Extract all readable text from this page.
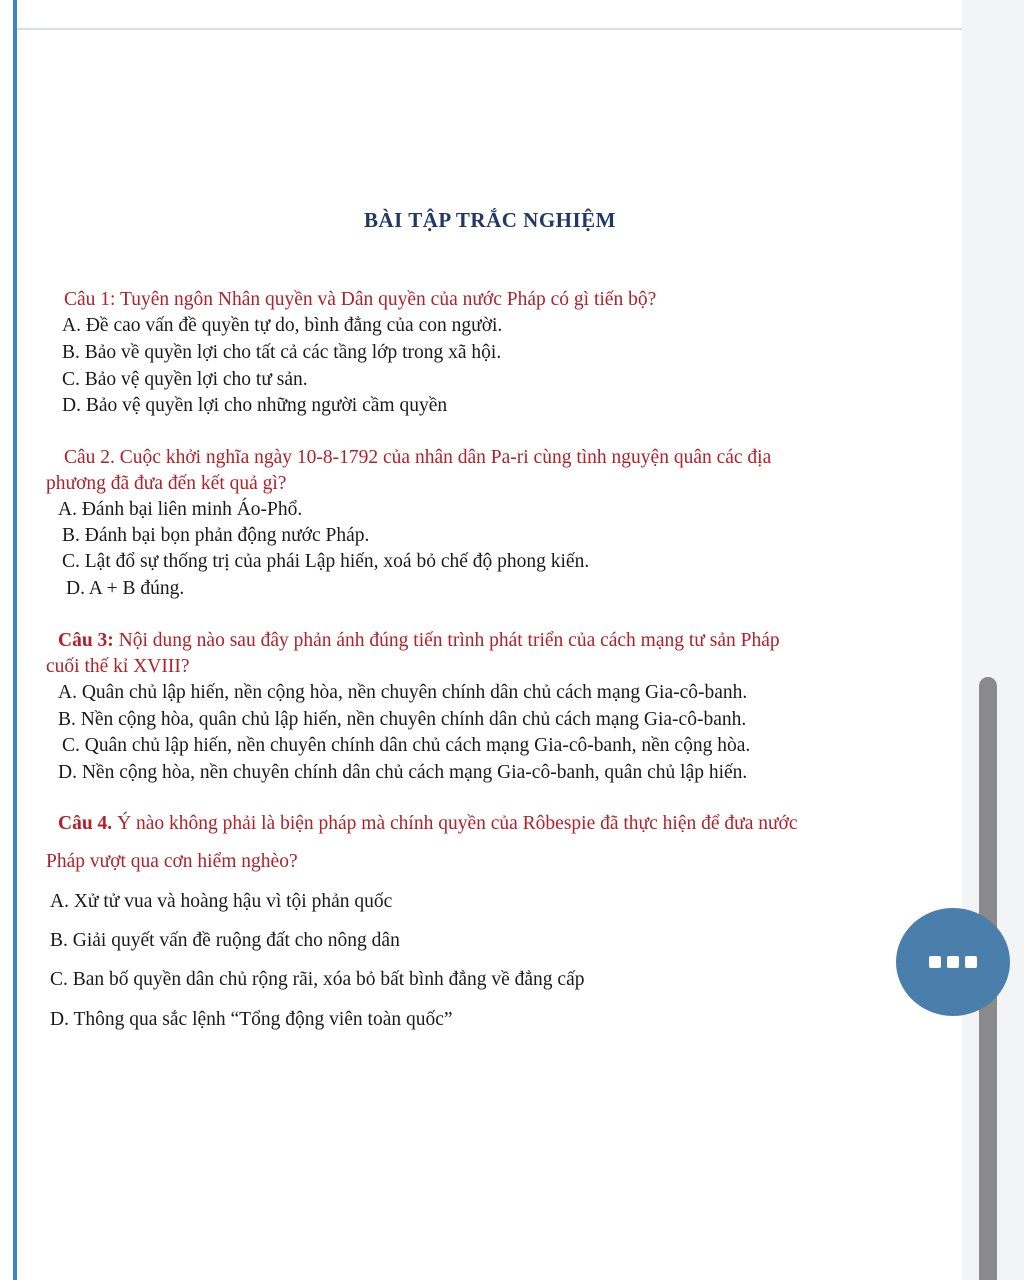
BÀI TẬP TRẮC NGHIỆM
Câu 1: Tuyên ngôn Nhân quyền và Dân quyền của nước Pháp có gì tiến bộ?
A. Đề cao vấn đề quyền tự do, bình đẳng của con người.
B. Bảo về quyền lợi cho tất cả các tầng lớp trong xã hội.
C. Bảo vệ quyền lợi cho tư sản.
D. Bảo vệ quyền lợi cho những người cầm quyền
Câu 2. Cuộc khởi nghĩa ngày 10-8-1792 của nhân dân Pa-ri cùng tình nguyện quân các địa
phương đã đưa đến kết quả gì?
A. Đánh bại liên minh Áo-Phổ.
B. Đánh bại bọn phản động nước Pháp.
C. Lật đổ sự thống trị của phái Lập hiến, xoá bỏ chế độ phong kiến.
D. A + B đúng.
Câu 3: Nội dung nào sau đây phản ánh đúng tiến trình phát triển của cách mạng tư sản Pháp
cuối thế kỉ XVIII?
A. Quân chủ lập hiến, nền cộng hòa, nền chuyên chính dân chủ cách mạng Gia-cô-banh.
B. Nền cộng hòa, quân chủ lập hiến, nền chuyên chính dân chủ cách mạng Gia-cô-banh.
C. Quân chủ lập hiến, nền chuyên chính dân chủ cách mạng Gia-cô-banh, nền cộng hòa.
D. Nền cộng hòa, nền chuyên chính dân chủ cách mạng Gia-cô-banh, quân chủ lập hiến.
Câu 4. Ý nào không phải là biện pháp mà chính quyền của Rôbespie đã thực hiện để đưa nước
Pháp vượt qua cơn hiểm nghèo?
A. Xử tử vua và hoàng hậu vì tội phản quốc
B. Giải quyết vấn đề ruộng đất cho nông dân
C. Ban bố quyền dân chủ rộng rãi, xóa bỏ bất bình đẳng về đẳng cấp
D. Thông qua sắc lệnh “Tổng động viên toàn quốc”
